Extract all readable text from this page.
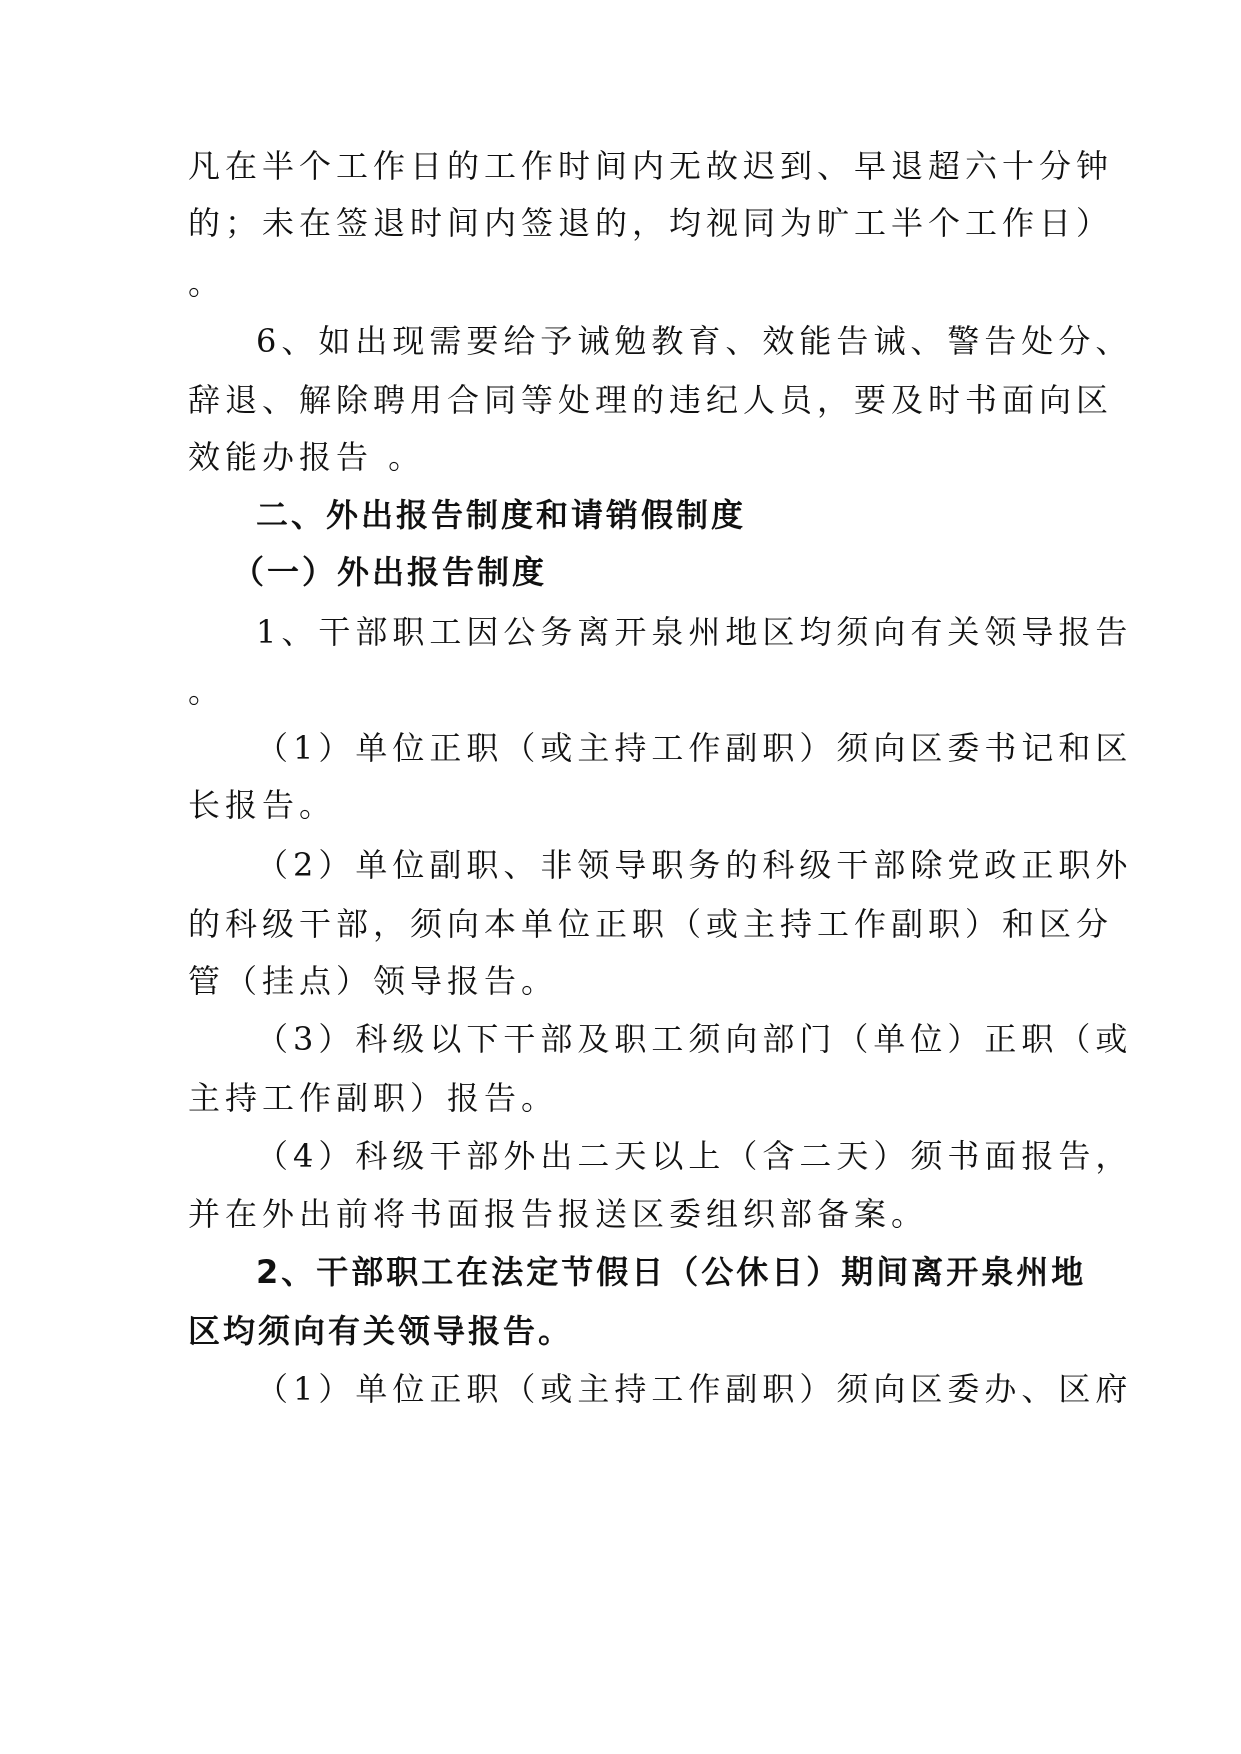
凡在半个工作日的工作时间内无故迟到、早退超六十分钟
的；未在签退时间内签退的，均视同为旷工半个工作日）
。
6、如出现需要给予诫勉教育、效能告诫、警告处分、
辞退、解除聘用合同等处理的违纪人员，要及时书面向区
效能办报告 。
二、外出报告制度和请销假制度
（一）外出报告制度
1、干部职工因公务离开泉州地区均须向有关领导报告
。
（1）单位正职（或主持工作副职）须向区委书记和区
长报告。
（2）单位副职、非领导职务的科级干部除党政正职外
的科级干部，须向本单位正职（或主持工作副职）和区分
管（挂点）领导报告。
（3）科级以下干部及职工须向部门（单位）正职（或
主持工作副职）报告。
（4）科级干部外出二天以上（含二天）须书面报告，
并在外出前将书面报告报送区委组织部备案。
2、干部职工在法定节假日（公休日）期间离开泉州地
区均须向有关领导报告。
（1）单位正职（或主持工作副职）须向区委办、区府
